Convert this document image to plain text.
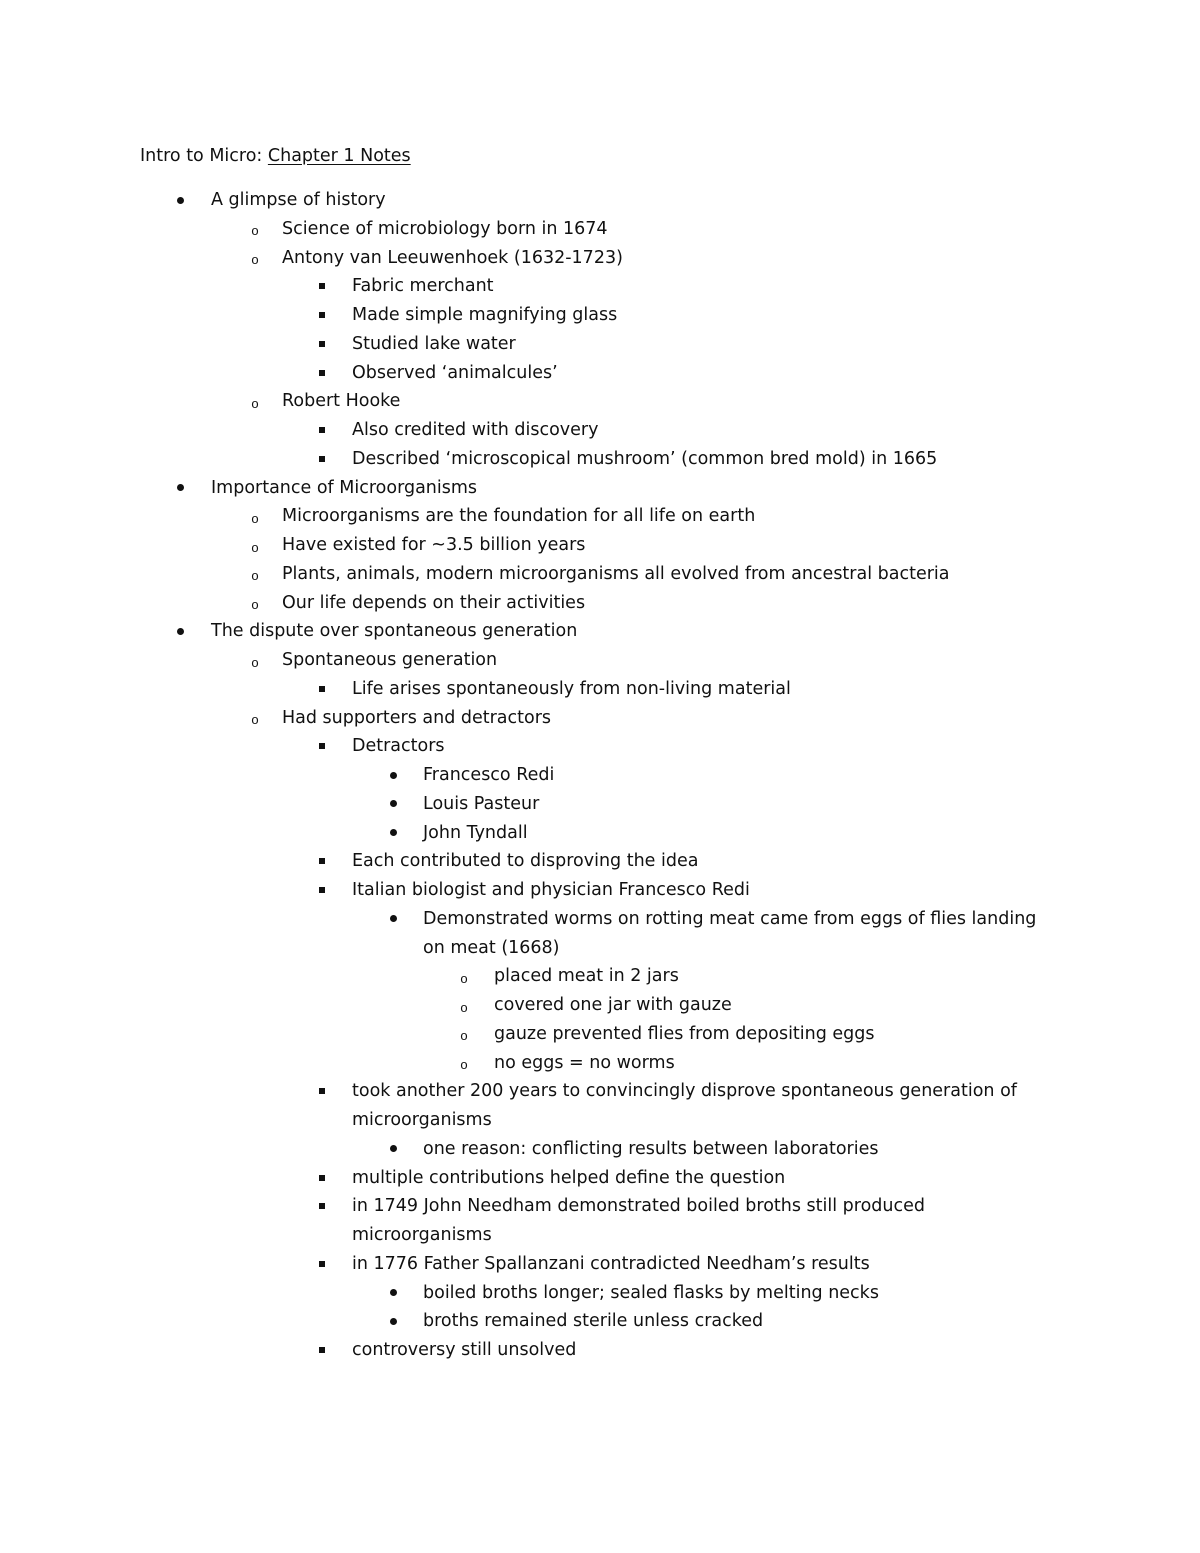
Intro to Micro: Chapter 1 Notes
A glimpse of history
o
Science of microbiology born in 1674
o
Antony van Leeuwenhoek (1632-1723)
Fabric merchant
Made simple magnifying glass
Studied lake water
Observed ‘animalcules’
o
Robert Hooke
Also credited with discovery
Described ‘microscopical mushroom’ (common bred mold) in 1665
Importance of Microorganisms
o
Microorganisms are the foundation for all life on earth
o
Have existed for ~3.5 billion years
o
Plants, animals, modern microorganisms all evolved from ancestral bacteria
o
Our life depends on their activities
The dispute over spontaneous generation
o
Spontaneous generation
Life arises spontaneously from non-living material
o
Had supporters and detractors
Detractors
Francesco Redi
Louis Pasteur
John Tyndall
Each contributed to disproving the idea
Italian biologist and physician Francesco Redi
Demonstrated worms on rotting meat came from eggs of flies landing
on meat (1668)
o
placed meat in 2 jars
o
covered one jar with gauze
o
gauze prevented flies from depositing eggs
o
no eggs = no worms
took another 200 years to convincingly disprove spontaneous generation of
microorganisms
one reason: conflicting results between laboratories
multiple contributions helped define the question
in 1749 John Needham demonstrated boiled broths still produced
microorganisms
in 1776 Father Spallanzani contradicted Needham’s results
boiled broths longer; sealed flasks by melting necks
broths remained sterile unless cracked
controversy still unsolved
